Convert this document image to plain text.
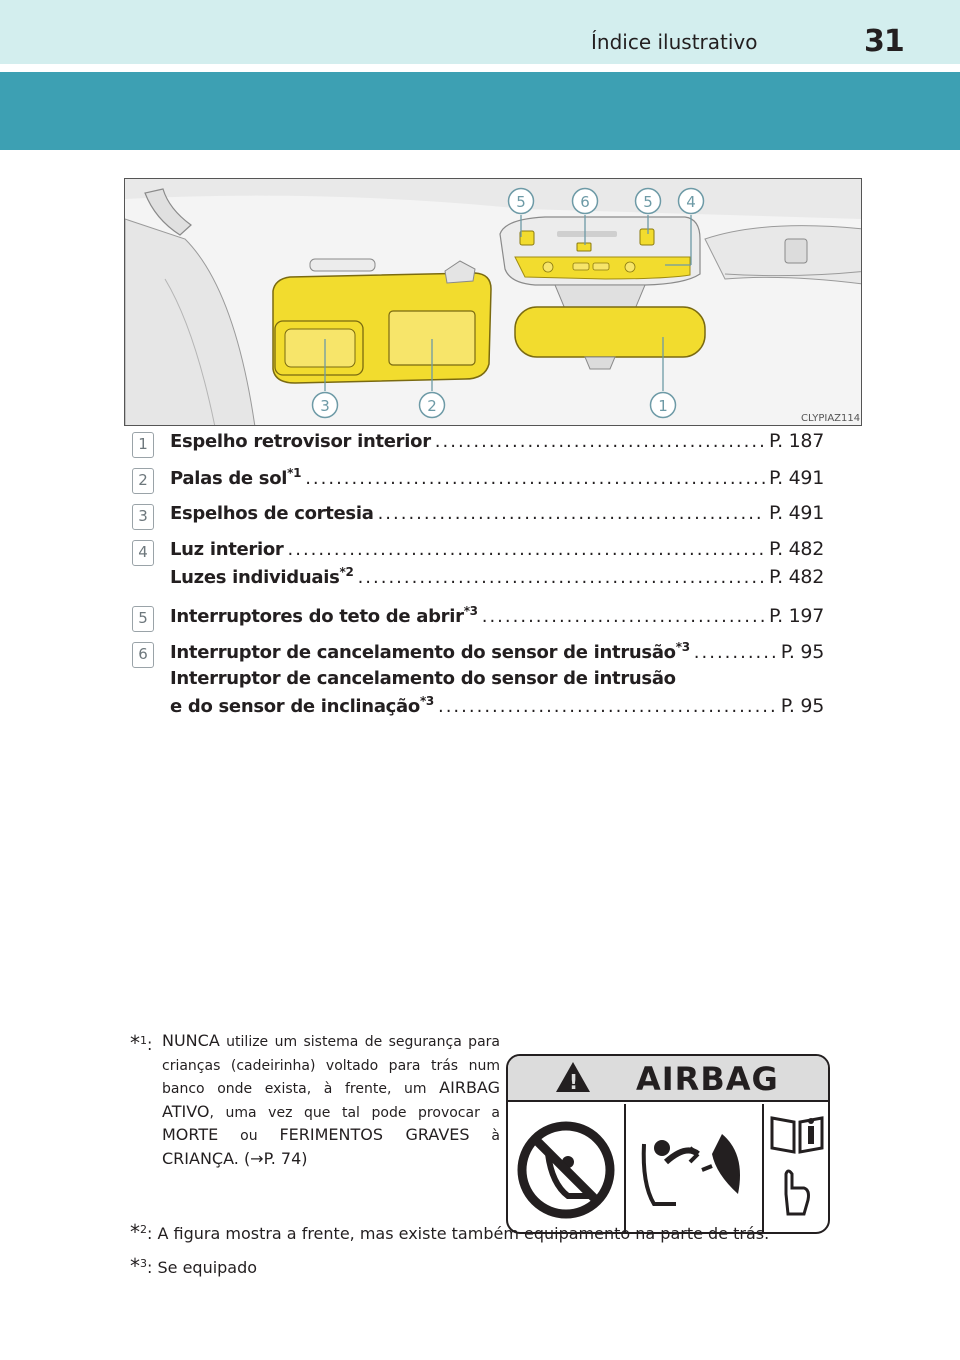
Índice ilustrativo	31
5	6	5 4
3	2	1
CLYPIAZ114
1	Espelho retrovisor interior .....	P. 187
2	Palas de sol$^{*1}$ .....	P. 491
3	Espelhos de cortesia .....	P. 491
4	Luz interior .....	P. 482
Luzes individuais$^{*2}$ .....	P. 482
5	Interruptores do teto de abrir$^{*3}$ .....	P. 197
6	Interruptor de cancelamento do sensor de intrusão$^{*3}$ .....	P. 95
Interruptor de cancelamento do sensor de intrusão
e do sensor de inclinação$^{*3}$ .....	P. 95
*$^1$: NUNCA utilize um sistema de segurança para crianças (cadeirinha) voltado para trás num banco onde exista, à frente, um AIRBAG ATIVO, uma vez que tal pode provocar a MORTE ou FERIMENTOS GRAVES à CRIANÇA. (→P. 74)
! AIRBAG
*$^2$: A figura mostra a frente, mas existe também equipamento na parte de trás.
*$^3$: Se equipado
